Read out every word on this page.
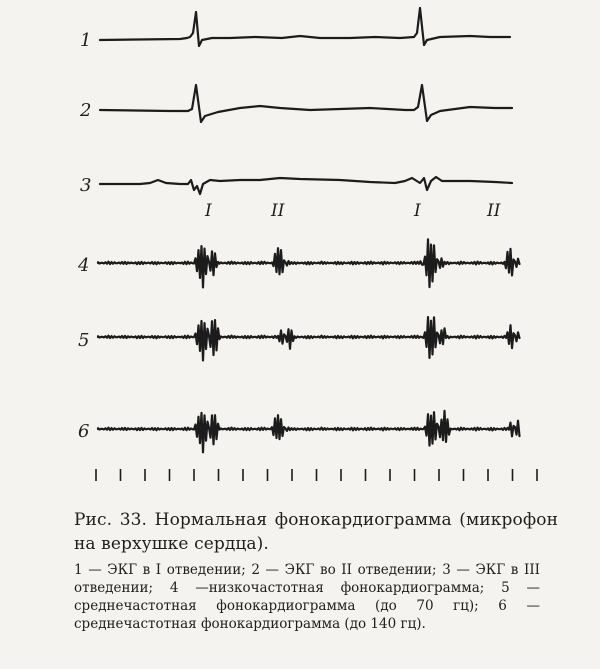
1
2
3
4
5
6
I	II	I	II
Рис. 33. Нормальная фонокардиограмма (микрофон на верхушке сердца).
1 — ЭКГ в I отведении; 2 — ЭКГ во II отведении; 3 — ЭКГ в III отведении; 4 —низкочастотная фонокардиограмма; 5 — среднечастотная фонокардиограмма (до 70 гц); 6 — среднечастотная фонокардиограмма (до 140 гц).
